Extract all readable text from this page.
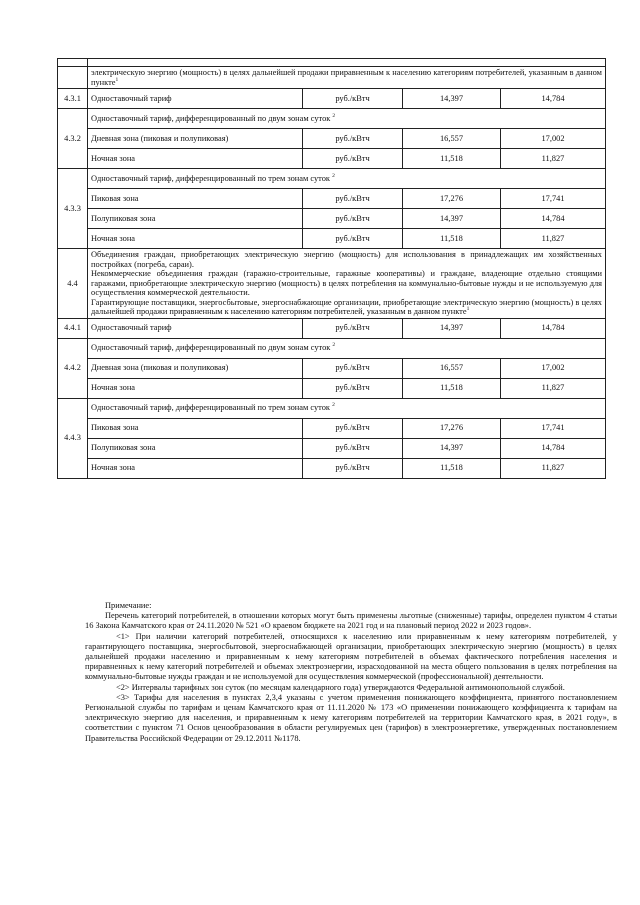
	электрическую энергию (мощность) в целях дальнейшей продажи приравненным к населению категориям потребителей, указанным в данном пункте$^1$
4.3.1	Одноставочный тариф	руб./кВтч	14,397	14,784
4.3.2	Одноставочный тариф, дифференцированный по двум зонам суток $^2$
	Дневная зона (пиковая и полупиковая)	руб./кВтч	16,557	17,002
	Ночная зона	руб./кВтч	11,518	11,827
4.3.3	Одноставочный тариф, дифференцированный по трем зонам суток $^2$
	Пиковая зона	руб./кВтч	17,276	17,741
	Полупиковая зона	руб./кВтч	14,397	14,784
	Ночная зона	руб./кВтч	11,518	11,827
4.4	Объединения граждан, приобретающих электрическую энергию (мощность) для использования в принадлежащих им хозяйственных постройках (погреба, сараи).
Некоммерческие объединения граждан (гаражно-строительные, гаражные кооперативы) и граждане, владеющие отдельно стоящими гаражами, приобретающие электрическую энергию (мощность) в целях потребления на коммунально-бытовые нужды и не используемую для осуществления коммерческой деятельности.
Гарантирующие поставщики, энергосбытовые, энергоснабжающие организации, приобретающие электрическую энергию (мощность) в целях дальнейшей продажи приравненным к населению категориям потребителей, указанным в данном пункте$^1$

4.4.1	Одноставочный тариф	руб./кВтч	14,397	14,784
4.4.2	Одноставочный тариф, дифференцированный по двум зонам суток $^2$
	Дневная зона (пиковая и полупиковая)	руб./кВтч	16,557	17,002
	Ночная зона	руб./кВтч	11,518	11,827
4.4.3	Одноставочный тариф, дифференцированный по трем зонам суток $^2$
	Пиковая зона	руб./кВтч	17,276	17,741
	Полупиковая зона	руб./кВтч	14,397	14,784
	Ночная зона	руб./кВтч	11,518	11,827

Примечание:

Перечень категорий потребителей, в отношении которых могут быть применены льготные (сниженные) тарифы, определен пунктом 4 статьи 16 Закона Камчатского края от 24.11.2020 № 521 «О краевом бюджете на 2021 год и на плановый период 2022 и 2023 годов».

<1> При наличии категорий потребителей, относящихся к населению или приравненным к нему категориям потребителей, у гарантирующего поставщика, энергосбытовой, энергоснабжающей организации, приобретающих электрическую энергию (мощность) в целях дальнейшей продажи населению и приравненным к нему категориям потребителей в объемах фактического потребления населения и приравненных к нему категорий потребителей и объемах электроэнергии, израсходованной на места общего пользования в целях потребления на коммунально-бытовые нужды граждан и не используемой для осуществления коммерческой (профессиональной) деятельности.

<2> Интервалы тарифных зон суток (по месяцам календарного года) утверждаются Федеральной антимонопольной службой.

<3> Тарифы для населения в пунктах 2,3,4 указаны с учетом применения понижающего коэффициента, принятого постановлением Региональной службы по тарифам и ценам Камчатского края от 11.11.2020 № 173 «О применении понижающего коэффициента к тарифам на электрическую энергию для населения, и приравненным к нему категориям потребителей на территории Камчатского края, в 2021 году», в соответствии с пунктом 71 Основ ценообразования в области регулируемых цен (тарифов) в электроэнергетике, утвержденных постановлением Правительства Российской Федерации от 29.12.2011 №1178.
